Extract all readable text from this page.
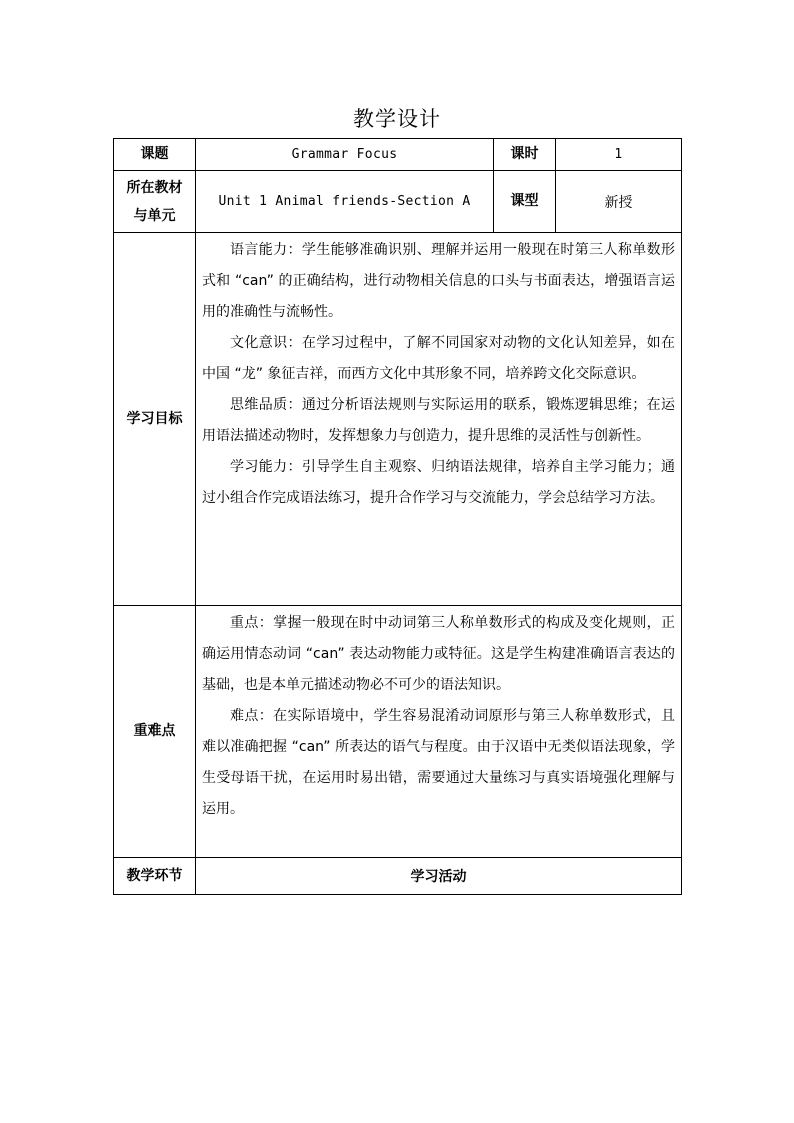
教学设计
课题	Grammar Focus	课时	1

所在教材与单元	Unit 1 Animal friends-Section A	课型	新授
学习目标	语言能力：学生能够准确识别、理解并运用一般现在时第三人称单数形式和 “can” 的正确结构，进行动物相关信息的口头与书面表达，增强语言运用的准确性与流畅性。

文化意识：在学习过程中，了解不同国家对动物的文化认知差异，如在中国 “龙” 象征吉祥，而西方文化中其形象不同，培养跨文化交际意识。

思维品质：通过分析语法规则与实际运用的联系，锻炼逻辑思维；在运用语法描述动物时，发挥想象力与创造力，提升思维的灵活性与创新性。

学习能力：引导学生自主观察、归纳语法规律，培养自主学习能力；通过小组合作完成语法练习，提升合作学习与交流能力，学会总结学习方法。		

重难点	重点：掌握一般现在时中动词第三人称单数形式的构成及变化规则，正确运用情态动词 “can” 表达动物能力或特征。这是学生构建准确语言表达的基础，也是本单元描述动物必不可少的语法知识。

难点：在实际语境中，学生容易混淆动词原形与第三人称单数形式，且难以准确把握 “can” 所表达的语气与程度。由于汉语中无类似语法现象，学生受母语干扰，在运用时易出错，需要通过大量练习与真实语境强化理解与运用。		

教学环节	学习活动		
